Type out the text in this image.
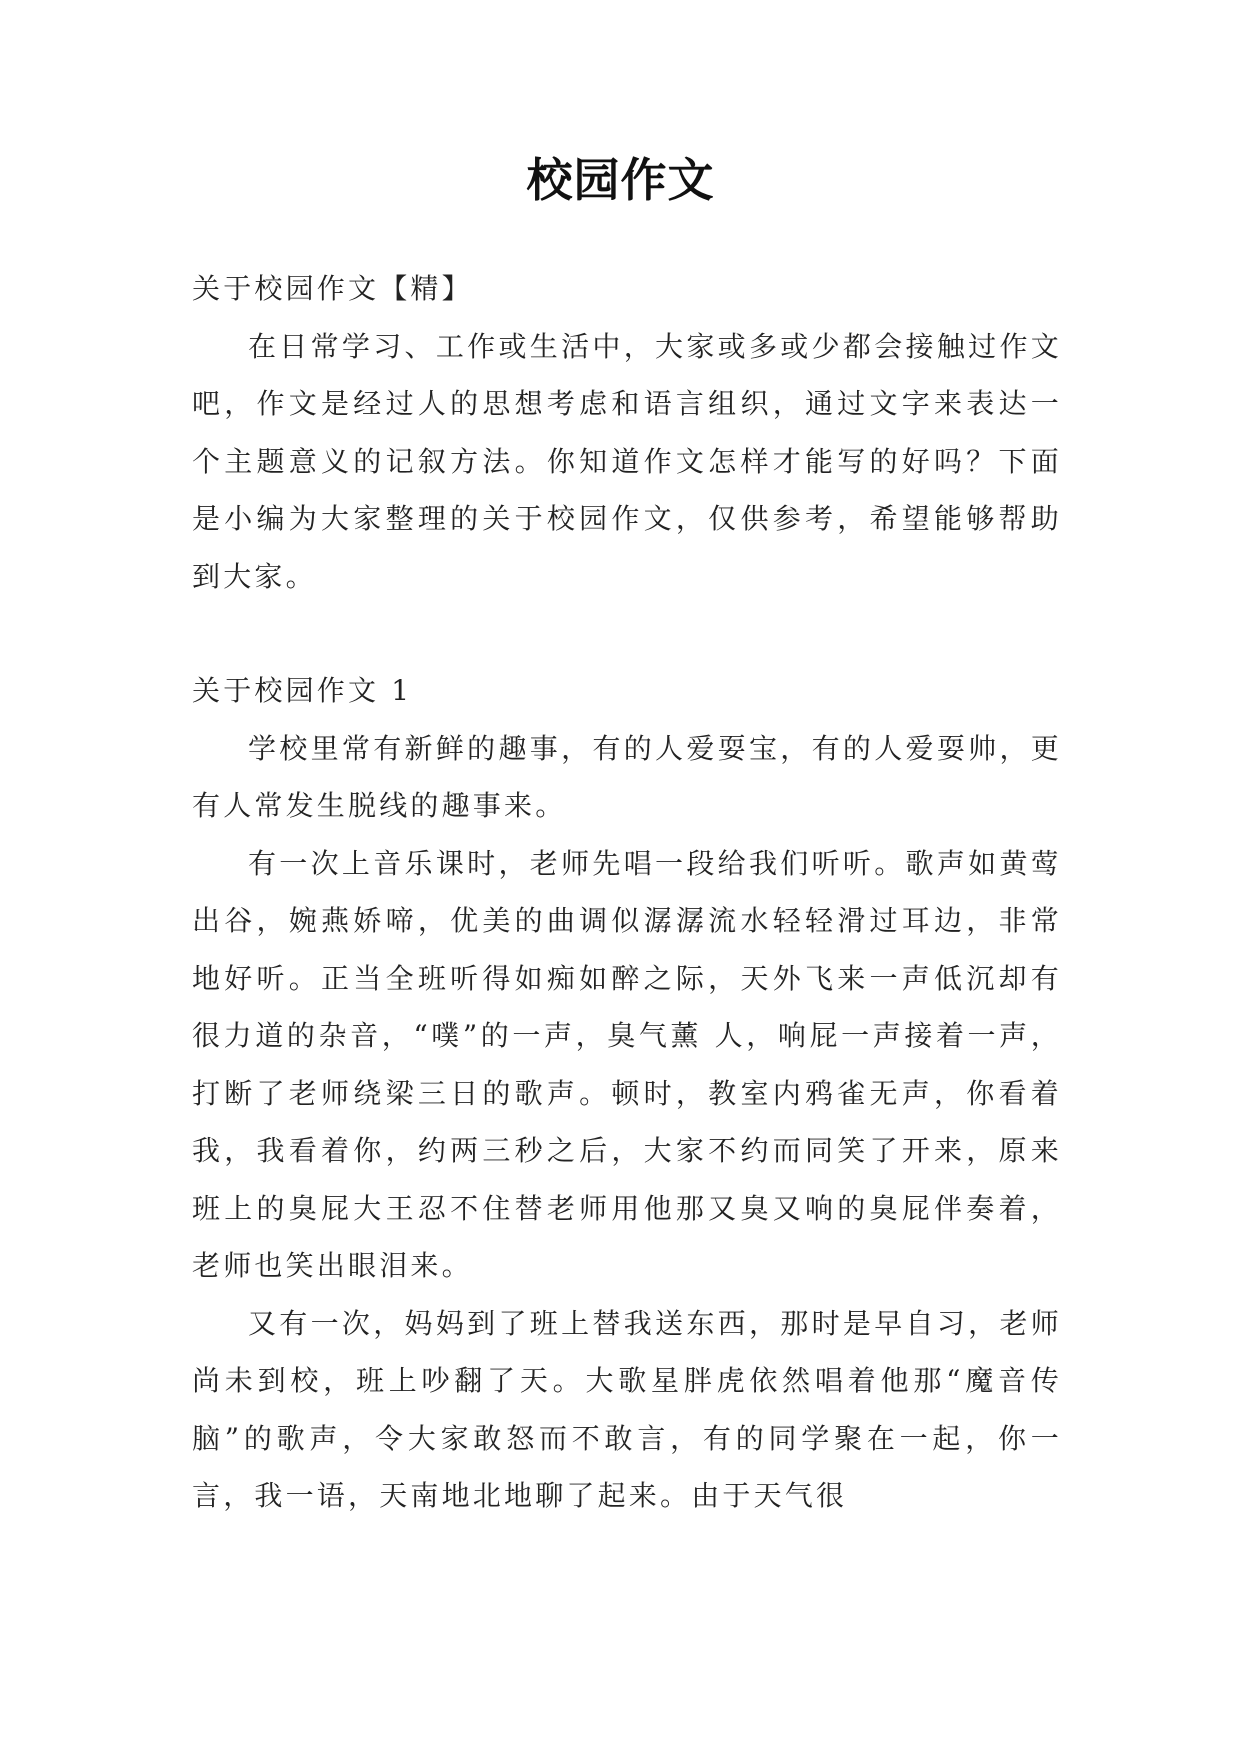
校园作文

关于校园作文【精】

在日常学习、工作或生活中，大家或多或少都会接触过作文吧，作文是经过人的思想考虑和语言组织，通过文字来表达一个主题意义的记叙方法。你知道作文怎样才能写的好吗？下面是小编为大家整理的关于校园作文，仅供参考，希望能够帮助到大家。

关于校园作文 1

学校里常有新鲜的趣事，有的人爱耍宝，有的人爱耍帅，更有人常发生脱线的趣事来。

有一次上音乐课时，老师先唱一段给我们听听。歌声如黄莺出谷，婉燕娇啼，优美的曲调似潺潺流水轻轻滑过耳边，非常地好听。正当全班听得如痴如醉之际，天外飞来一声低沉却有很力道的杂音，“噗”的一声，臭气薰 人，响屁一声接着一声，打断了老师绕梁三日的歌声。顿时，教室内鸦雀无声，你看着我，我看着你，约两三秒之后，大家不约而同笑了开来，原来班上的臭屁大王忍不住替老师用他那又臭又响的臭屁伴奏着，老师也笑出眼泪来。

又有一次，妈妈到了班上替我送东西，那时是早自习，老师尚未到校，班上吵翻了天。大歌星胖虎依然唱着他那“魔音传脑”的歌声，令大家敢怒而不敢言，有的同学聚在一起，你一言，我一语，天南地北地聊了起来。由于天气很
